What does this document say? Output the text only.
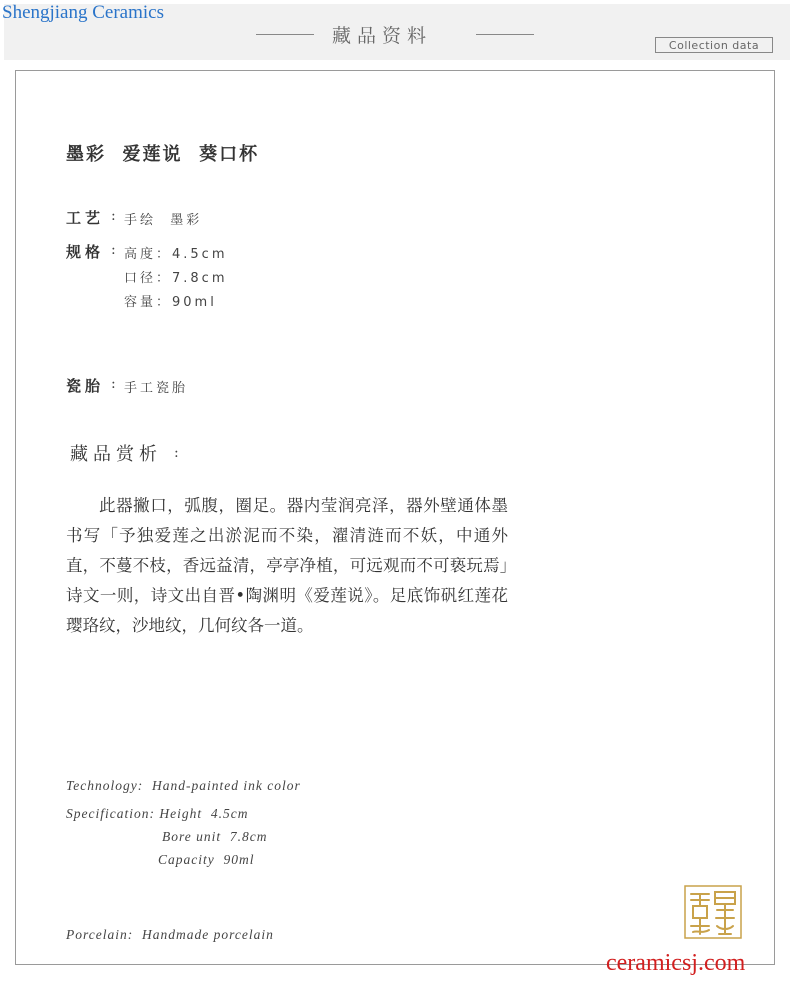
Shengjiang Ceramics
藏品资料	Collection data
墨彩  爱莲说  葵口杯
工艺 : 手绘  墨彩
规格 : 高度：4.5cm
口径：7.8cm
容量：90ml
瓷胎 : 手工瓷胎
藏品赏析 :
此器撇口，弧腹，圈足。器内莹润亮泽，器外壁通体墨书写「予独爱莲之出淤泥而不染，濯清涟而不妖，中通外直，不蔓不枝，香远益清，亭亭净植，可远观而不可亵玩焉」诗文一则，诗文出自晋•陶渊明《爱莲说》。足底饰矾红莲花璎珞纹，沙地纹，几何纹各一道。
Technology:  Hand-painted ink color
Specification: Height  4.5cm
Bore unit  7.8cm
Capacity  90ml
Porcelain:  Handmade porcelain
ceramicsj.com
